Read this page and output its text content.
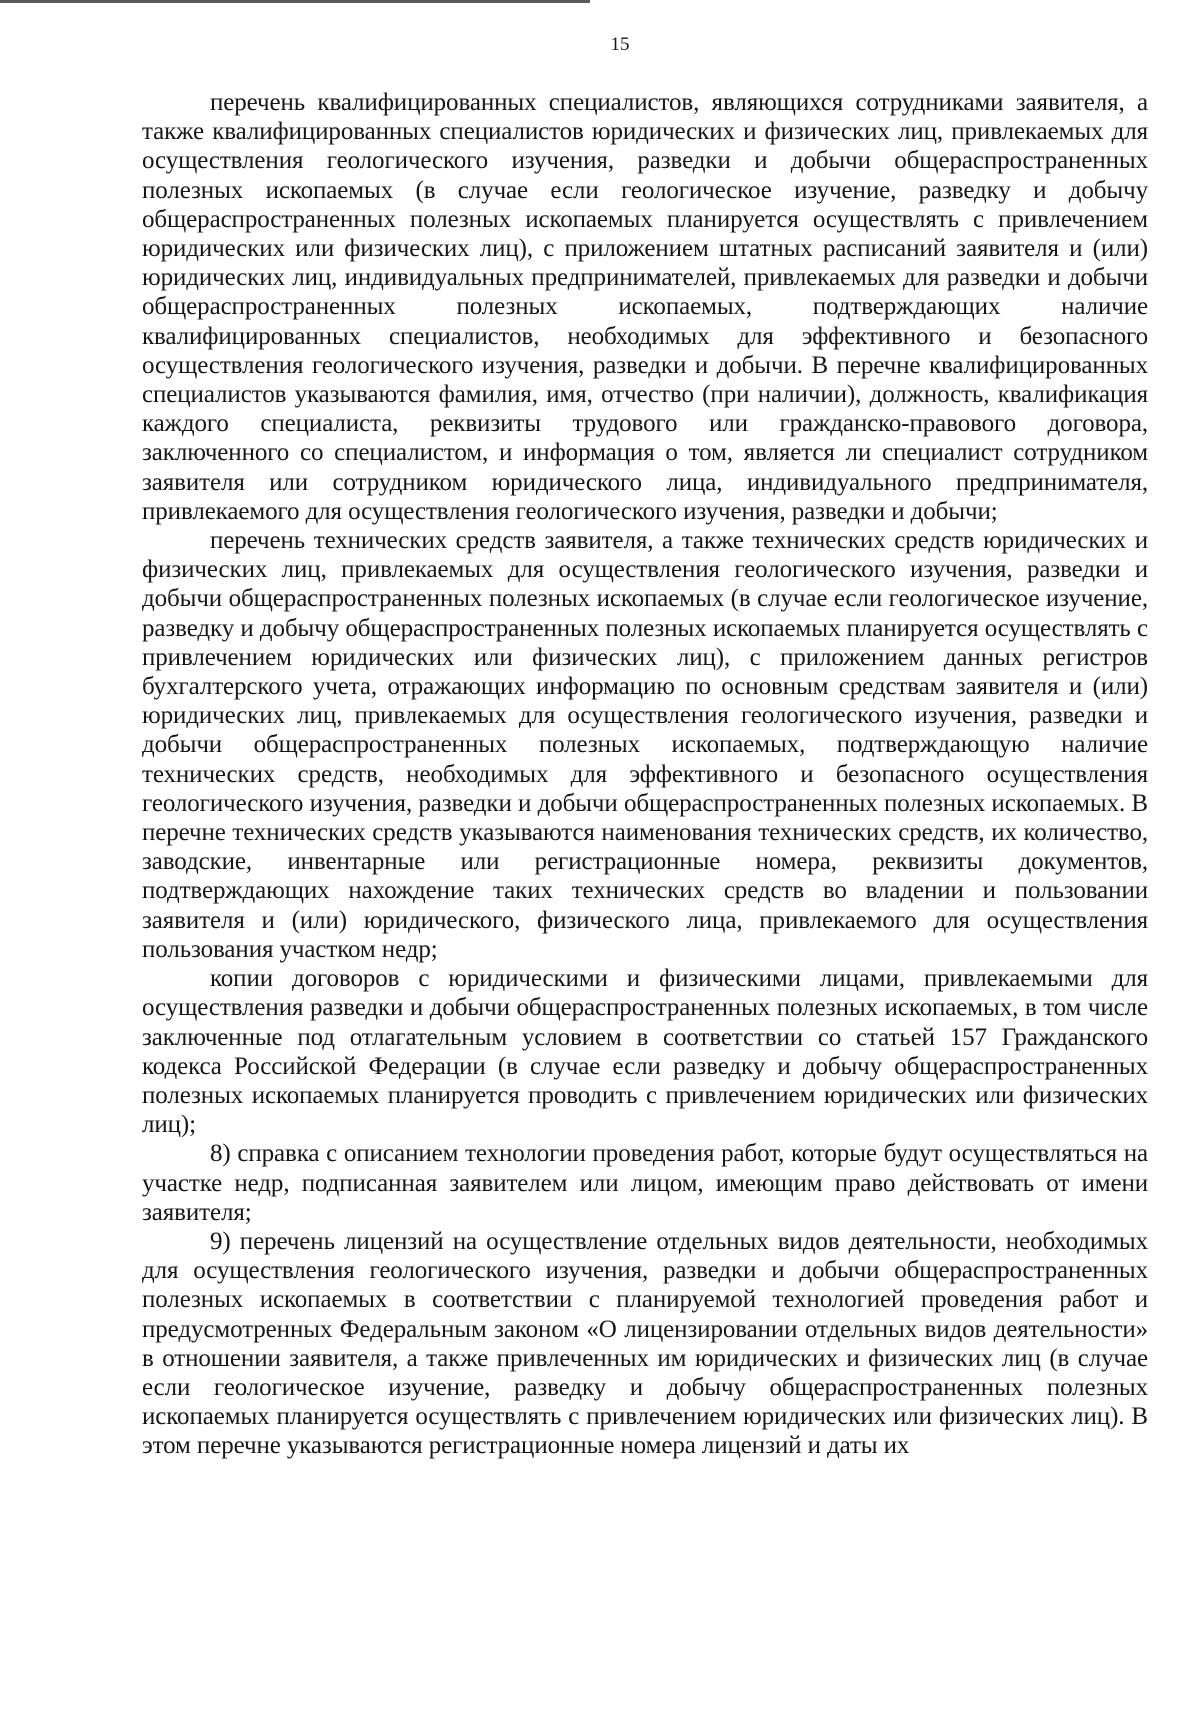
15

перечень квалифицированных специалистов, являющихся сотрудниками заявителя, а также квалифицированных специалистов юридических и физических лиц, привлекаемых для осуществления геологического изучения, разведки и добычи общераспространенных полезных ископаемых (в случае если геологическое изучение, разведку и добычу общераспространенных полезных ископаемых планируется осуществлять с привлечением юридических или физических лиц), с приложением штатных расписаний заявителя и (или) юридических лиц, индивидуальных предпринимателей, привлекаемых для разведки и добычи общераспространенных полезных ископаемых, подтверждающих наличие квалифицированных специалистов, необходимых для эффективного и безопасного осуществления геологического изучения, разведки и добычи. В перечне квалифицированных специалистов указываются фамилия, имя, отчество (при наличии), должность, квалификация каждого специалиста, реквизиты трудового или гражданско-правового договора, заключенного со специалистом, и информация о том, является ли специалист сотрудником заявителя или сотрудником юридического лица, индивидуального предпринимателя, привлекаемого для осуществления геологического изучения, разведки и добычи;

перечень технических средств заявителя, а также технических средств юридических и физических лиц, привлекаемых для осуществления геологического изучения, разведки и добычи общераспространенных полезных ископаемых (в случае если геологическое изучение, разведку и добычу общераспространенных полезных ископаемых планируется осуществлять с привлечением юридических или физических лиц), с приложением данных регистров бухгалтерского учета, отражающих информацию по основным средствам заявителя и (или) юридических лиц, привлекаемых для осуществления геологического изучения, разведки и добычи общераспространенных полезных ископаемых, подтверждающую наличие технических средств, необходимых для эффективного и безопасного осуществления геологического изучения, разведки и добычи общераспространенных полезных ископаемых. В перечне технических средств указываются наименования технических средств, их количество, заводские, инвентарные или регистрационные номера, реквизиты документов, подтверждающих нахождение таких технических средств во владении и пользовании заявителя и (или) юридического, физического лица, привлекаемого для осуществления пользования участком недр;

копии договоров с юридическими и физическими лицами, привлекаемыми для осуществления разведки и добычи общераспространенных полезных ископаемых, в том числе заключенные под отлагательным условием в соответствии со статьей 157 Гражданского кодекса Российской Федерации (в случае если разведку и добычу общераспространенных полезных ископаемых планируется проводить с привлечением юридических или физических лиц);

8) справка с описанием технологии проведения работ, которые будут осуществляться на участке недр, подписанная заявителем или лицом, имеющим право действовать от имени заявителя;

9) перечень лицензий на осуществление отдельных видов деятельности, необходимых для осуществления геологического изучения, разведки и добычи общераспространенных полезных ископаемых в соответствии с планируемой технологией проведения работ и предусмотренных Федеральным законом «О лицензировании отдельных видов деятельности» в отношении заявителя, а также привлеченных им юридических и физических лиц (в случае если геологическое изучение, разведку и добычу общераспространенных полезных ископаемых планируется осуществлять с привлечением юридических или физических лиц). В этом перечне указываются регистрационные номера лицензий и даты их
